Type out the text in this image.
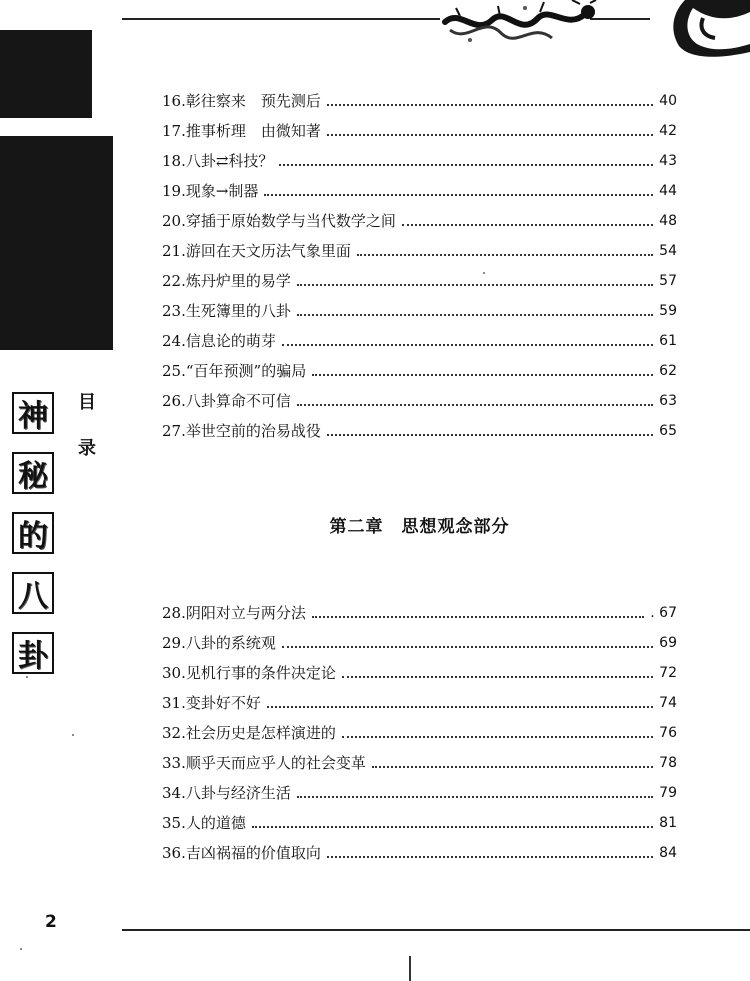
目
录
神
秘
的
八
卦
16.彰往察来　预先测后	40
17.推事析理　由微知著	42
18.八卦⇄科技？	43
19.现象→制器	44
20.穿插于原始数学与当代数学之间	48
21.游回在天文历法气象里面	54
22.炼丹炉里的易学	57
23.生死簿里的八卦	59
24.信息论的萌芽	61
25.“百年预测”的骗局	62
26.八卦算命不可信	63
27.举世空前的治易战役	65
第二章　思想观念部分
28.阴阳对立与两分法	. 67
29.八卦的系统观	69
30.见机行事的条件决定论	72
31.变卦好不好	74
32.社会历史是怎样演进的	76
33.顺乎天而应乎人的社会变革	78
34.八卦与经济生活	79
35.人的道德	81
36.吉凶祸福的价值取向	84
2
